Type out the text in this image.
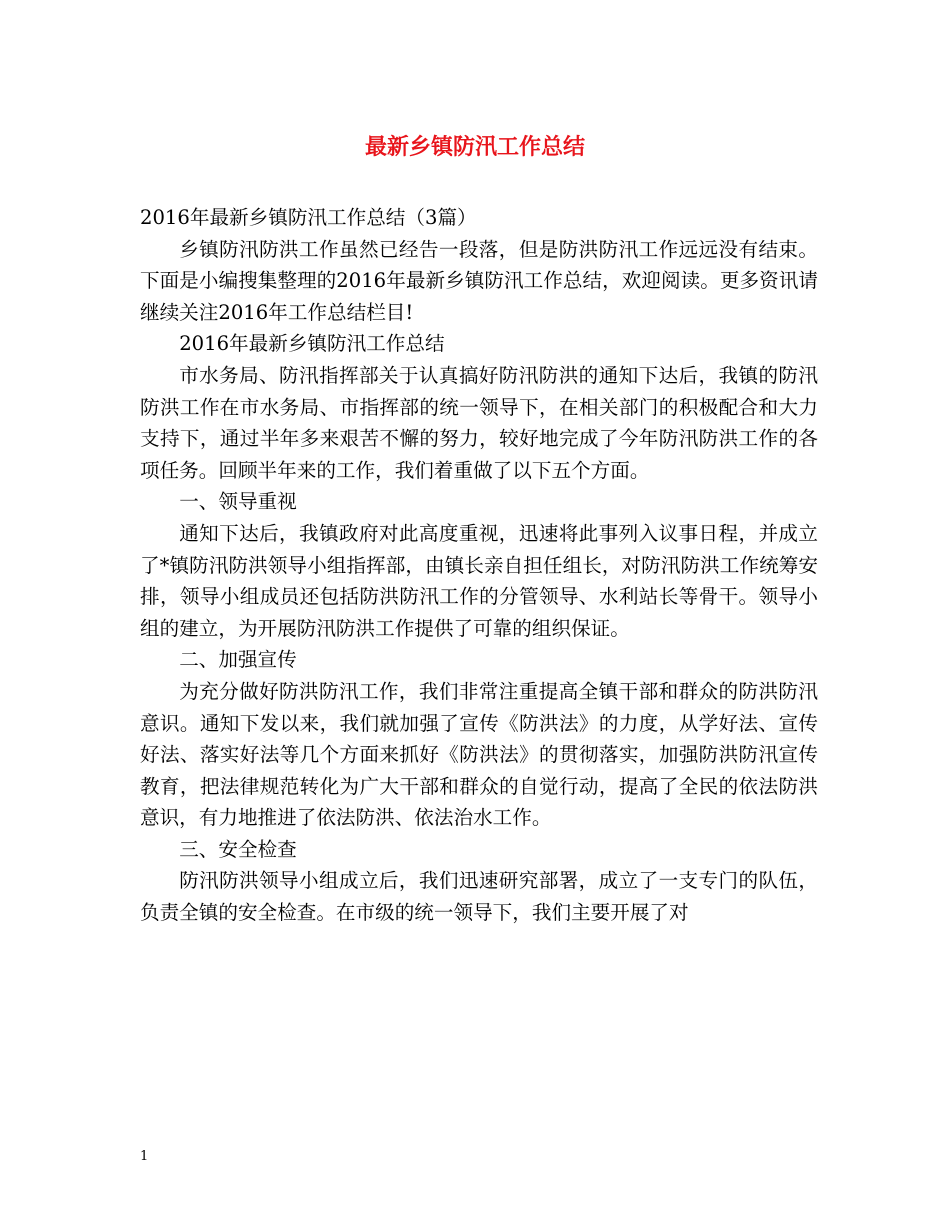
最新乡镇防汛工作总结

2016年最新乡镇防汛工作总结（3篇）

乡镇防汛防洪工作虽然已经告一段落，但是防洪防汛工作远远没有结束。下面是小编搜集整理的2016年最新乡镇防汛工作总结，欢迎阅读。更多资讯请继续关注2016年工作总结栏目!

2016年最新乡镇防汛工作总结

市水务局、防汛指挥部关于认真搞好防汛防洪的通知下达后，我镇的防汛防洪工作在市水务局、市指挥部的统一领导下，在相关部门的积极配合和大力支持下，通过半年多来艰苦不懈的努力，较好地完成了今年防汛防洪工作的各项任务。回顾半年来的工作，我们着重做了以下五个方面。

一、领导重视

通知下达后，我镇政府对此高度重视，迅速将此事列入议事日程，并成立了*镇防汛防洪领导小组指挥部，由镇长亲自担任组长，对防汛防洪工作统筹安排，领导小组成员还包括防洪防汛工作的分管领导、水利站长等骨干。领导小组的建立，为开展防汛防洪工作提供了可靠的组织保证。

二、加强宣传

为充分做好防洪防汛工作，我们非常注重提高全镇干部和群众的防洪防汛意识。通知下发以来，我们就加强了宣传《防洪法》的力度，从学好法、宣传好法、落实好法等几个方面来抓好《防洪法》的贯彻落实，加强防洪防汛宣传教育，把法律规范转化为广大干部和群众的自觉行动，提高了全民的依法防洪意识，有力地推进了依法防洪、依法治水工作。

三、安全检查

防汛防洪领导小组成立后，我们迅速研究部署，成立了一支专门的队伍，负责全镇的安全检查。在市级的统一领导下，我们主要开展了对

1
